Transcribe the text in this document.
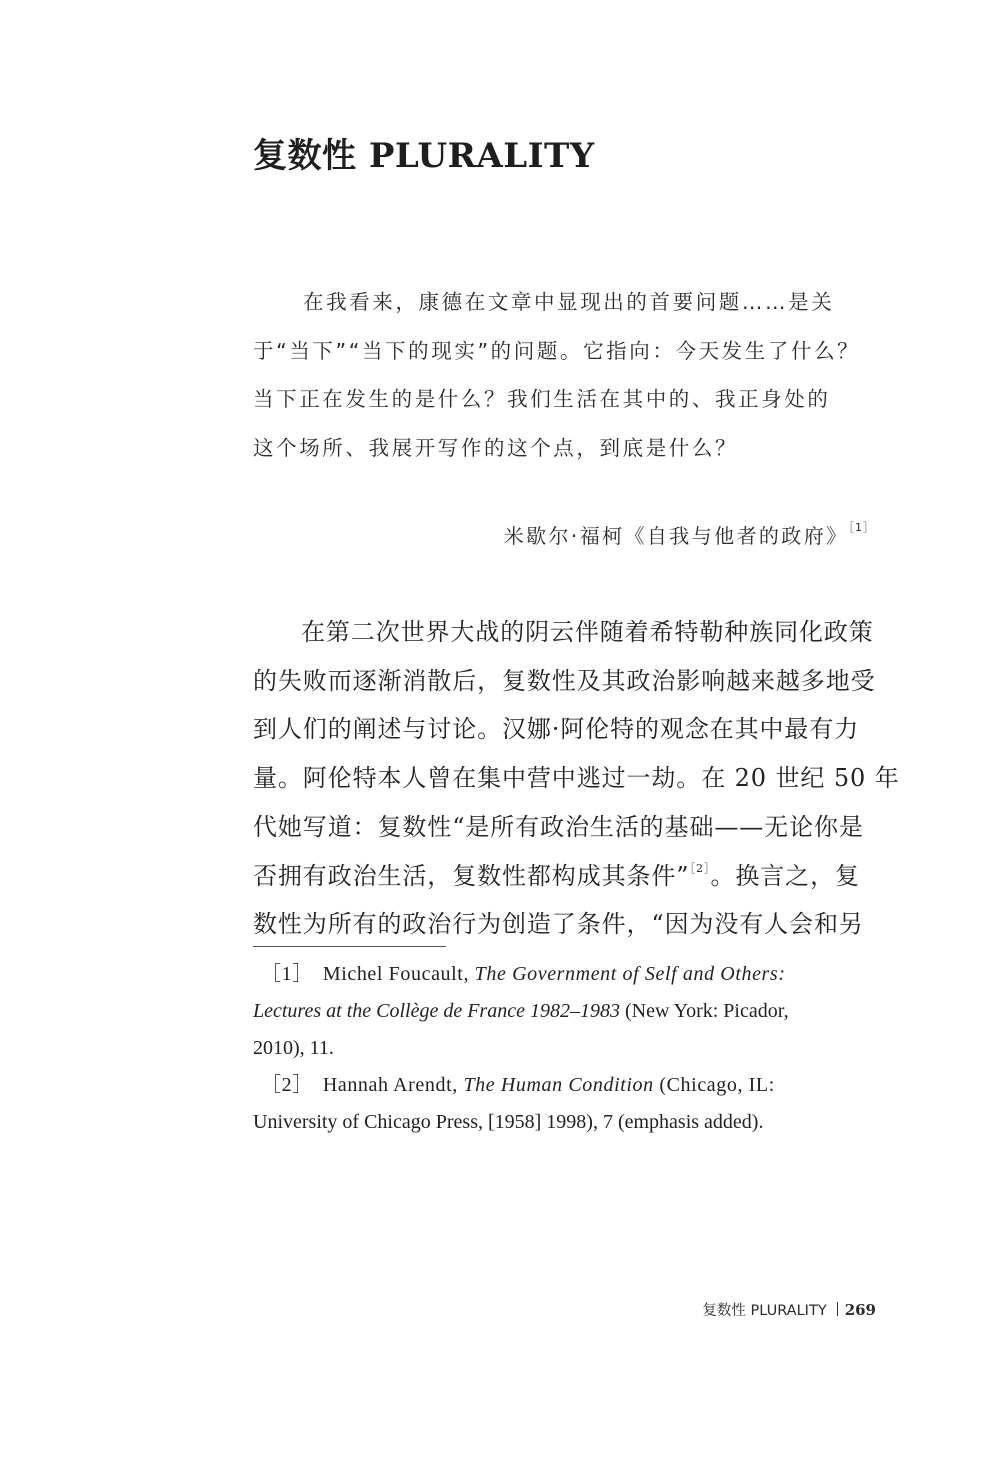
复数性 PLURALITY
在我看来，康德在文章中显现出的首要问题……是关
于“当下”“当下的现实”的问题。它指向：今天发生了什么？
当下正在发生的是什么？我们生活在其中的、我正身处的
这个场所、我展开写作的这个点，到底是什么？
米歇尔·福柯《自我与他者的政府》$^{[1]}$
在第二次世界大战的阴云伴随着希特勒种族同化政策
的失败而逐渐消散后，复数性及其政治影响越来越多地受
到人们的阐述与讨论。汉娜·阿伦特的观念在其中最有力
量。阿伦特本人曾在集中营中逃过一劫。在 20 世纪 50 年
代她写道：复数性“是所有政治生活的基础——无论你是
否拥有政治生活，复数性都构成其条件”$^{[2]}$。换言之，复
数性为所有的政治行为创造了条件，“因为没有人会和另
［1］ Michel Foucault, The Government of Self and Others:
Lectures at the Collège de France 1982–1983 (New York: Picador,
2010), 11.
［2］ Hannah Arendt, The Human Condition (Chicago, IL:
University of Chicago Press, [1958] 1998), 7 (emphasis added).
复数性 PLURALITY 269
